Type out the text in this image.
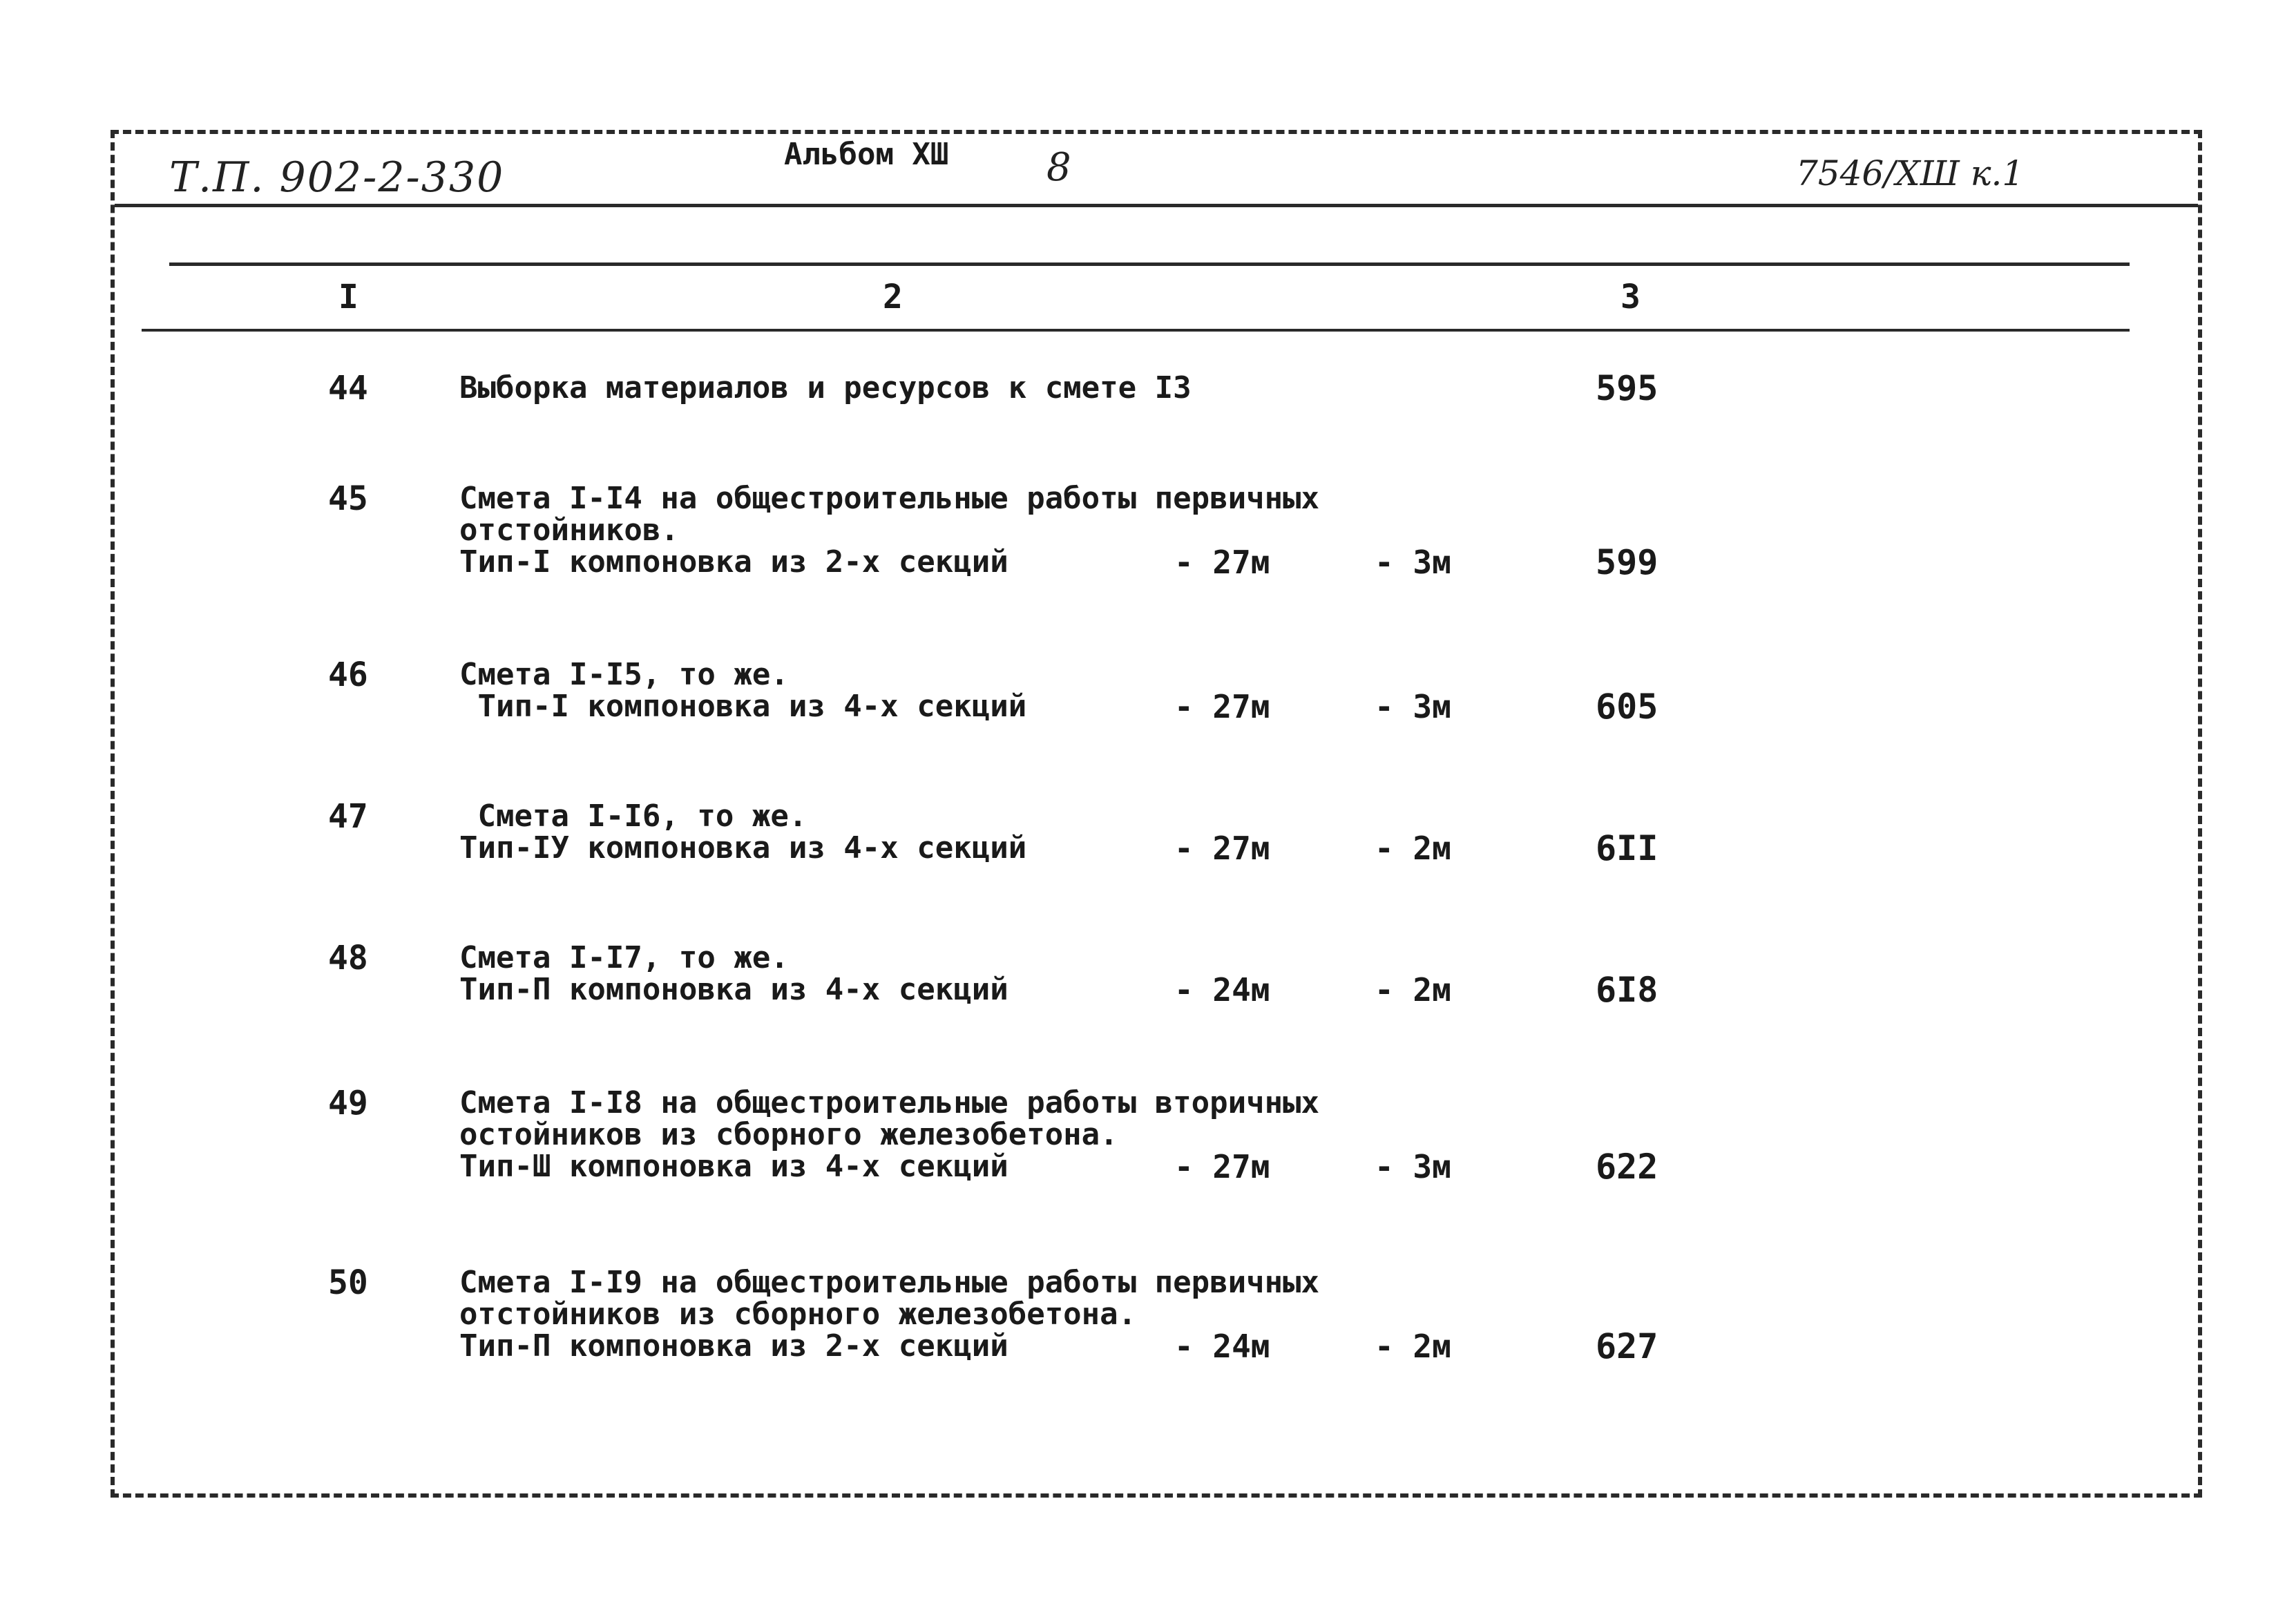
Т.П. 902-2-330	Альбом XШ	8	7546/XШ к.1
I	2	3
44	Выборка материалов и ресурсов к смете I3	595
45	Смета I-I4 на общестроительные работы первичных
отстойников.
Тип-I компоновка из 2-х секций	- 27м	- 3м	599
46	Смета I-I5, то же.
Тип-I компоновка из 4-х секций	- 27м	- 3м	605
47	Смета I-I6, то же.
Тип-IУ компоновка из 4-х секций	- 27м	- 2м	6II
48	Смета I-I7, то же.
Тип-П компоновка из 4-х секций	- 24м	- 2м	6I8
49	Смета I-I8 на общестроительные работы вторичных
остойников из сборного железобетона.
Тип-Ш компоновка из 4-х секций	- 27м	- 3м	622
50	Смета I-I9 на общестроительные работы первичных
отстойников из сборного железобетона.
Тип-П компоновка из 2-х секций	- 24м	- 2м	627
